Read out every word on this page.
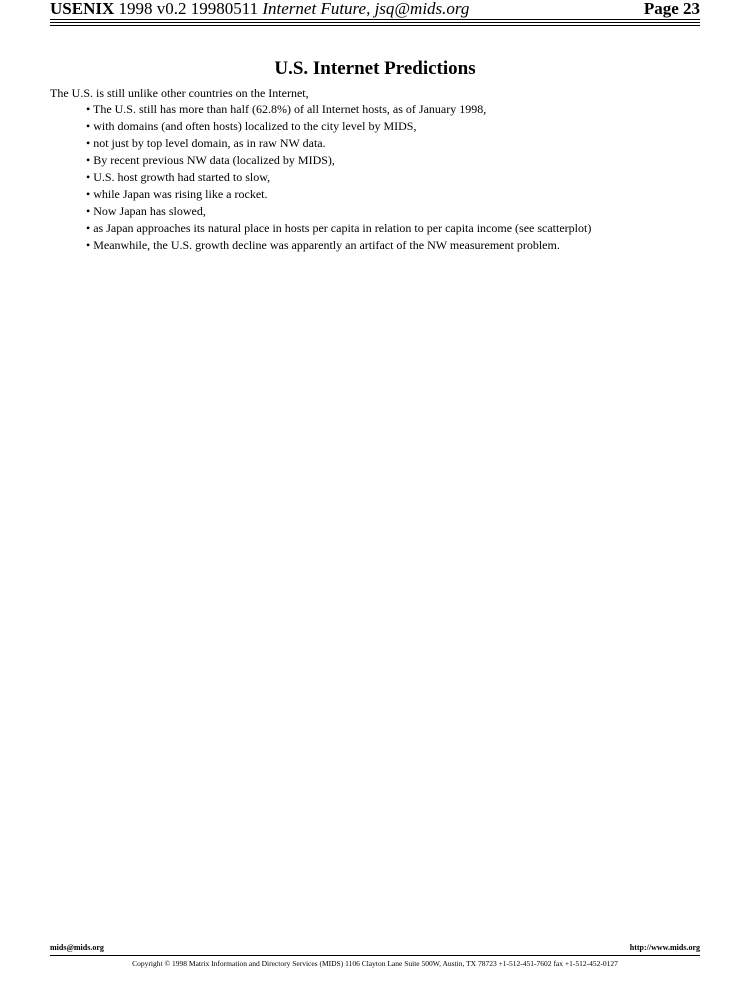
USENIX 1998 v0.2 19980511 Internet Future, jsq@mids.org	Page 23
U.S. Internet Predictions
The U.S. is still unlike other countries on the Internet,
• The U.S. still has more than half (62.8%) of all Internet hosts, as of January 1998,
• with domains (and often hosts) localized to the city level by MIDS,
• not just by top level domain, as in raw NW data.
• By recent previous NW data (localized by MIDS),
• U.S. host growth had started to slow,
• while Japan was rising like a rocket.
• Now Japan has slowed,
• as Japan approaches its natural place in hosts per capita in relation to per capita income (see scatterplot)
• Meanwhile, the U.S. growth decline was apparently an artifact of the NW measurement problem.
mids@mids.org	http://www.mids.org
Copyright © 1998 Matrix Information and Directory Services (MIDS) 1106 Clayton Lane Suite 500W, Austin, TX 78723 +1-512-451-7602 fax +1-512-452-0127
